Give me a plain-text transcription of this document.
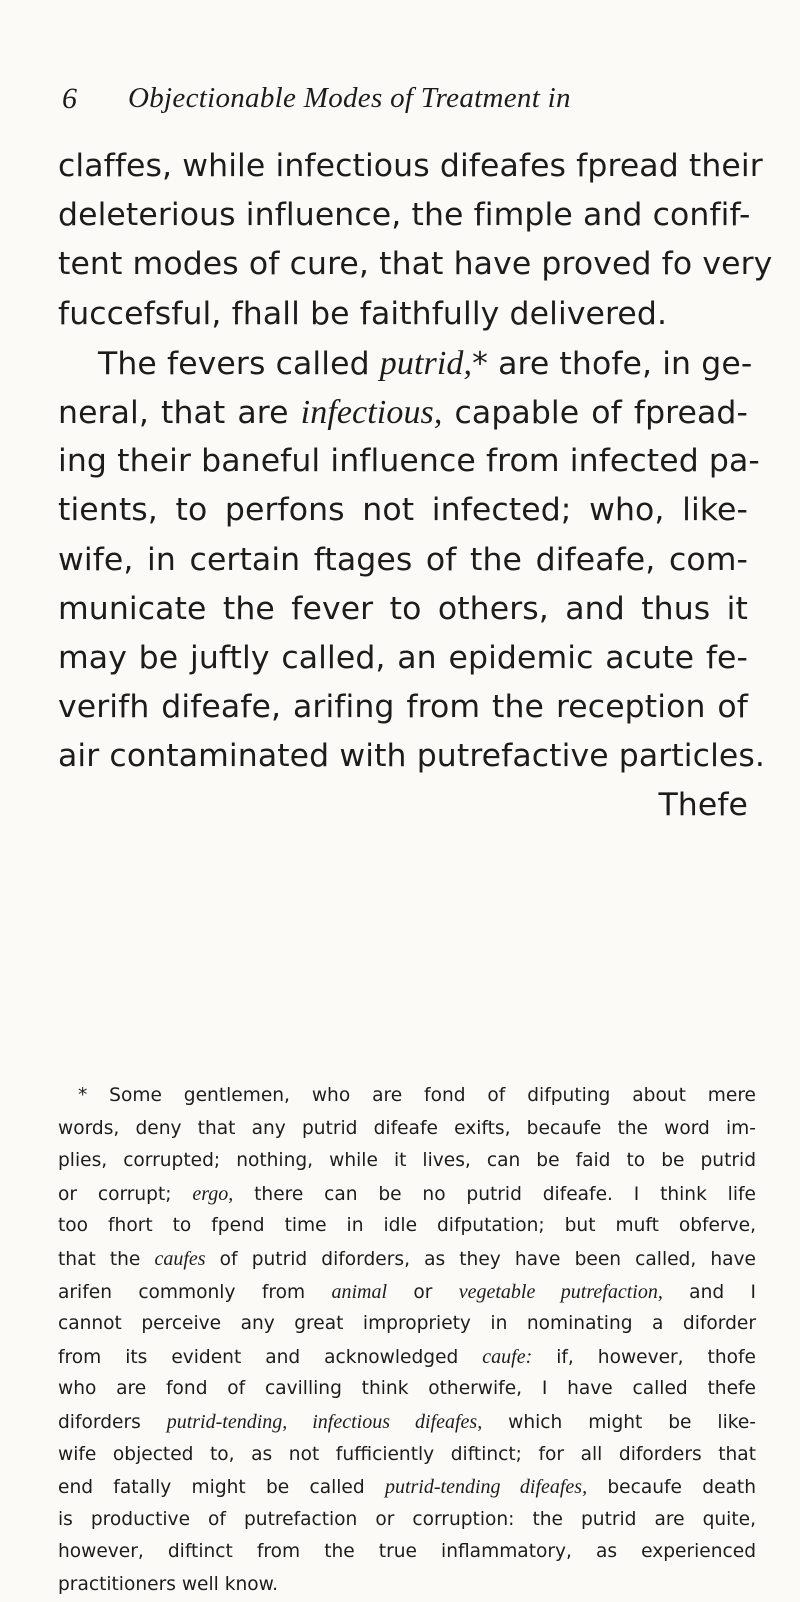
6 Objectionable Modes of Treatment in
claffes, while infectious difeafes fpread their
deleterious influence, the fimple and confif-
tent modes of cure, that have proved fo very
fuccefsful, fhall be faithfully delivered.
The fevers called putrid,* are thofe, in ge-
neral, that are infectious, capable of fpread-
ing their baneful influence from infected pa-
tients, to perfons not infected; who, like-
wife, in certain ftages of the difeafe, com-
municate the fever to others, and thus it
may be juftly called, an epidemic acute fe-
verifh difeafe, arifing from the reception of
air contaminated with putrefactive particles.
Thefe
* Some gentlemen, who are fond of difputing about mere
words, deny that any putrid difeafe exifts, becaufe the word im-
plies, corrupted; nothing, while it lives, can be faid to be putrid
or corrupt; ergo, there can be no putrid difeafe. I think life
too fhort to fpend time in idle difputation; but muft obferve,
that the caufes of putrid diforders, as they have been called, have
arifen commonly from animal or vegetable putrefaction, and I
cannot perceive any great impropriety in nominating a diforder
from its evident and acknowledged caufe: if, however, thofe
who are fond of cavilling think otherwife, I have called thefe
diforders putrid-tending, infectious difeafes, which might be like-
wife objected to, as not fufficiently diftinct; for all diforders that
end fatally might be called putrid-tending difeafes, becaufe death
is productive of putrefaction or corruption: the putrid are quite,
however, diftinct from the true inflammatory, as experienced
practitioners well know.
